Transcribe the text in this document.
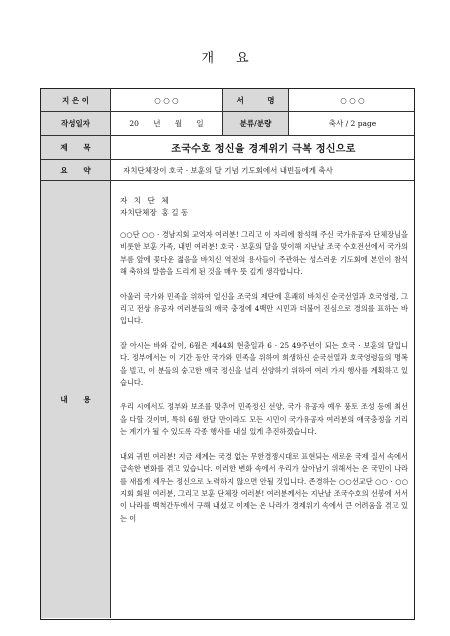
개 요
지 은 이	○ ○ ○	서         명	○ ○ ○
작성일자	20      년      월      일	분류/분량	축사 / 2 page
제      목	조국수호 정신을 경계위기 극복 정신으로
요      약	자치단체장이 호국 · 보훈의 달 기념 기도회에서 내빈들에게 축사
내      용
자 치 단 체
자치단체장  홍 길 동

○○단 ○○ · 경남지회 교역자 여러분! 그리고 이 자리에 참석해 주신 국가유공자 단체장님을 비롯한 보훈 가족, 내빈 여러분! 호국 · 보훈의 달을 맞이해 지난날 조국 수호전선에서 국가의 부름 앞에 꽃다운 젊음을 바치신 역전의 용사들이 주관하는 성스러운 기도회에 본인이 참석해 축하의 말씀을 드리게 된 것을 매우 뜻 깊게 생각합니다.

아울러 국가와 민족을 위하여 일신을 조국의 제단에 흔쾌히 바치신 순국선열과 호국영령, 그리고 전상 유공자 여러분들의 애국 충정에 4백만 시민과 더불어 진심으로 경의를 표하는 바입니다.

잘 아시는 바와 같이, 6월은 제44회 현충일과 6 · 25 49주년이 되는 호국 · 보훈의 달입니다. 정부에서는 이 기간 동안 국가와 민족을 위하여 희생하신 순국선열과 호국영령들의 명복을 빌고, 이 분들의 숭고한 애국 정신을 널리 선양하기 위하여 여러 가지 행사를 계획하고 있습니다.

우리 시에서도 정부와 보조를 맞추어 민족정신 선양, 국가 유공자 예우 풍토 조성 등에 최선을 다할 것이며, 특히 6월 한달 만이라도 모든 시민이 국가유공자 여러분의 애국충정을 기리는 계기가 될 수 있도록 각종 행사를 내실 있게 추진하겠습니다.

내외 귀빈 여러분! 지금 세계는 국경 없는 무한경쟁시대로 표현되는 새로운 국제 질서 속에서 급속한 변화를 겪고 있습니다. 이러한 변화 속에서 우리가 살아남기 위해서는 온 국민이 나라를 새롭게 세우는 정신으로 노력하지 않으면 안될 것입니다. 존경하는 ○○선교단 ○○ · ○○지회 회원 여러분, 그리고 보훈 단체장 여러분! 여러분께서는 지난날 조국수호의 선봉에 서서 이 나라를 백척간두에서 구해 내셨고 이제는 온 나라가 경제위기 속에서 큰 어려움을 겪고 있는 이
